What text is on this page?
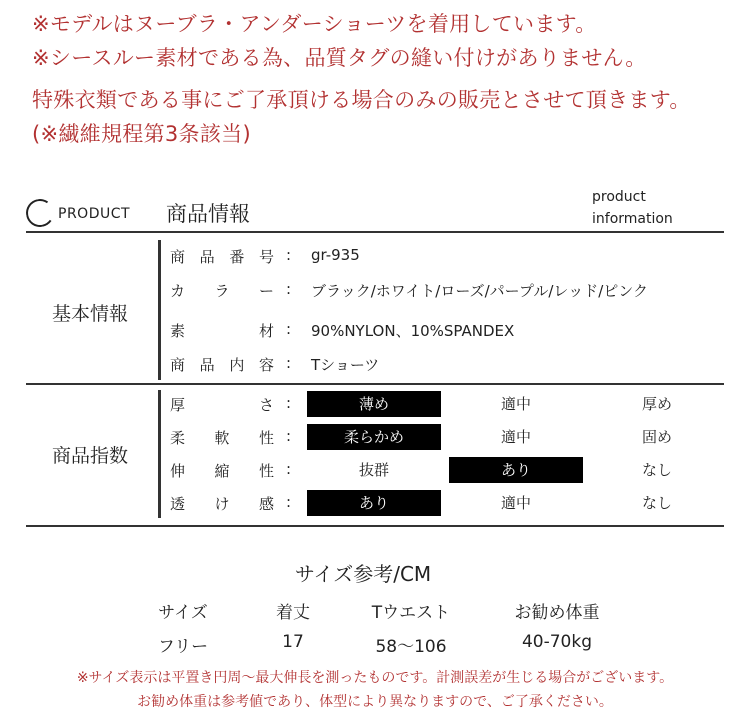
※モデルはヌーブラ・アンダーショーツを着用しています。
※シースルー素材である為、品質タグの縫い付けがありません。
特殊衣類である事にご了承頂ける場合のみの販売とさせて頂きます。
(※繊維規程第3条該当)
PRODUCT 商品情報
product
information
基本情報
商品番号 : gr-935
カラー : ブラック/ホワイト/ローズ/パープル/レッド/ピンク
素材 : 90%NYLON、10%SPANDEX
商品内容 : Tショーツ
商品指数
厚さ :	薄め	適中	厚め
柔軟性 :	柔らかめ	適中	固め
伸縮性 :	抜群	あり	なし
透け感 :	あり	適中	なし
サイズ参考/CM
サイズ	着丈	Tウエスト	お勧め体重
フリー	17	58〜106	40-70kg
※サイズ表示は平置き円周〜最大伸長を測ったものです。計測誤差が生じる場合がございます。
お勧め体重は参考値であり、体型により異なりますので、ご了承ください。
